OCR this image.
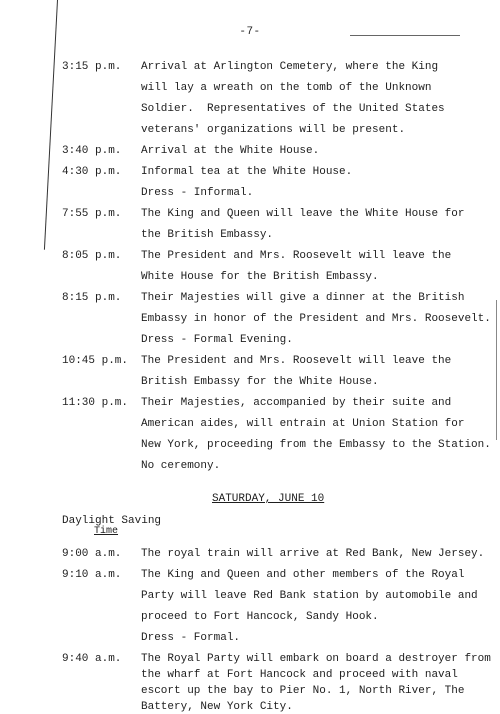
-7-
3:15 p.m. Arrival at Arlington Cemetery, where the King
will lay a wreath on the tomb of the Unknown
Soldier.  Representatives of the United States
veterans' organizations will be present.
3:40 p.m. Arrival at the White House.
4:30 p.m. Informal tea at the White House.
Dress - Informal.
7:55 p.m. The King and Queen will leave the White House for
the British Embassy.
8:05 p.m. The President and Mrs. Roosevelt will leave the
White House for the British Embassy.
8:15 p.m. Their Majesties will give a dinner at the British
Embassy in honor of the President and Mrs. Roosevelt.
Dress - Formal Evening.
10:45 p.m. The President and Mrs. Roosevelt will leave the
British Embassy for the White House.
11:30 p.m. Their Majesties, accompanied by their suite and
American aides, will entrain at Union Station for
New York, proceeding from the Embassy to the Station.
No ceremony.
SATURDAY, JUNE 10
Daylight Saving
Time
9:00 a.m. The royal train will arrive at Red Bank, New Jersey.
9:10 a.m. The King and Queen and other members of the Royal
Party will leave Red Bank station by automobile and
proceed to Fort Hancock, Sandy Hook.
Dress - Formal.
9:40 a.m. The Royal Party will embark on board a destroyer from
the wharf at Fort Hancock and proceed with naval
escort up the bay to Pier No. 1, North River, The
Battery, New York City.
